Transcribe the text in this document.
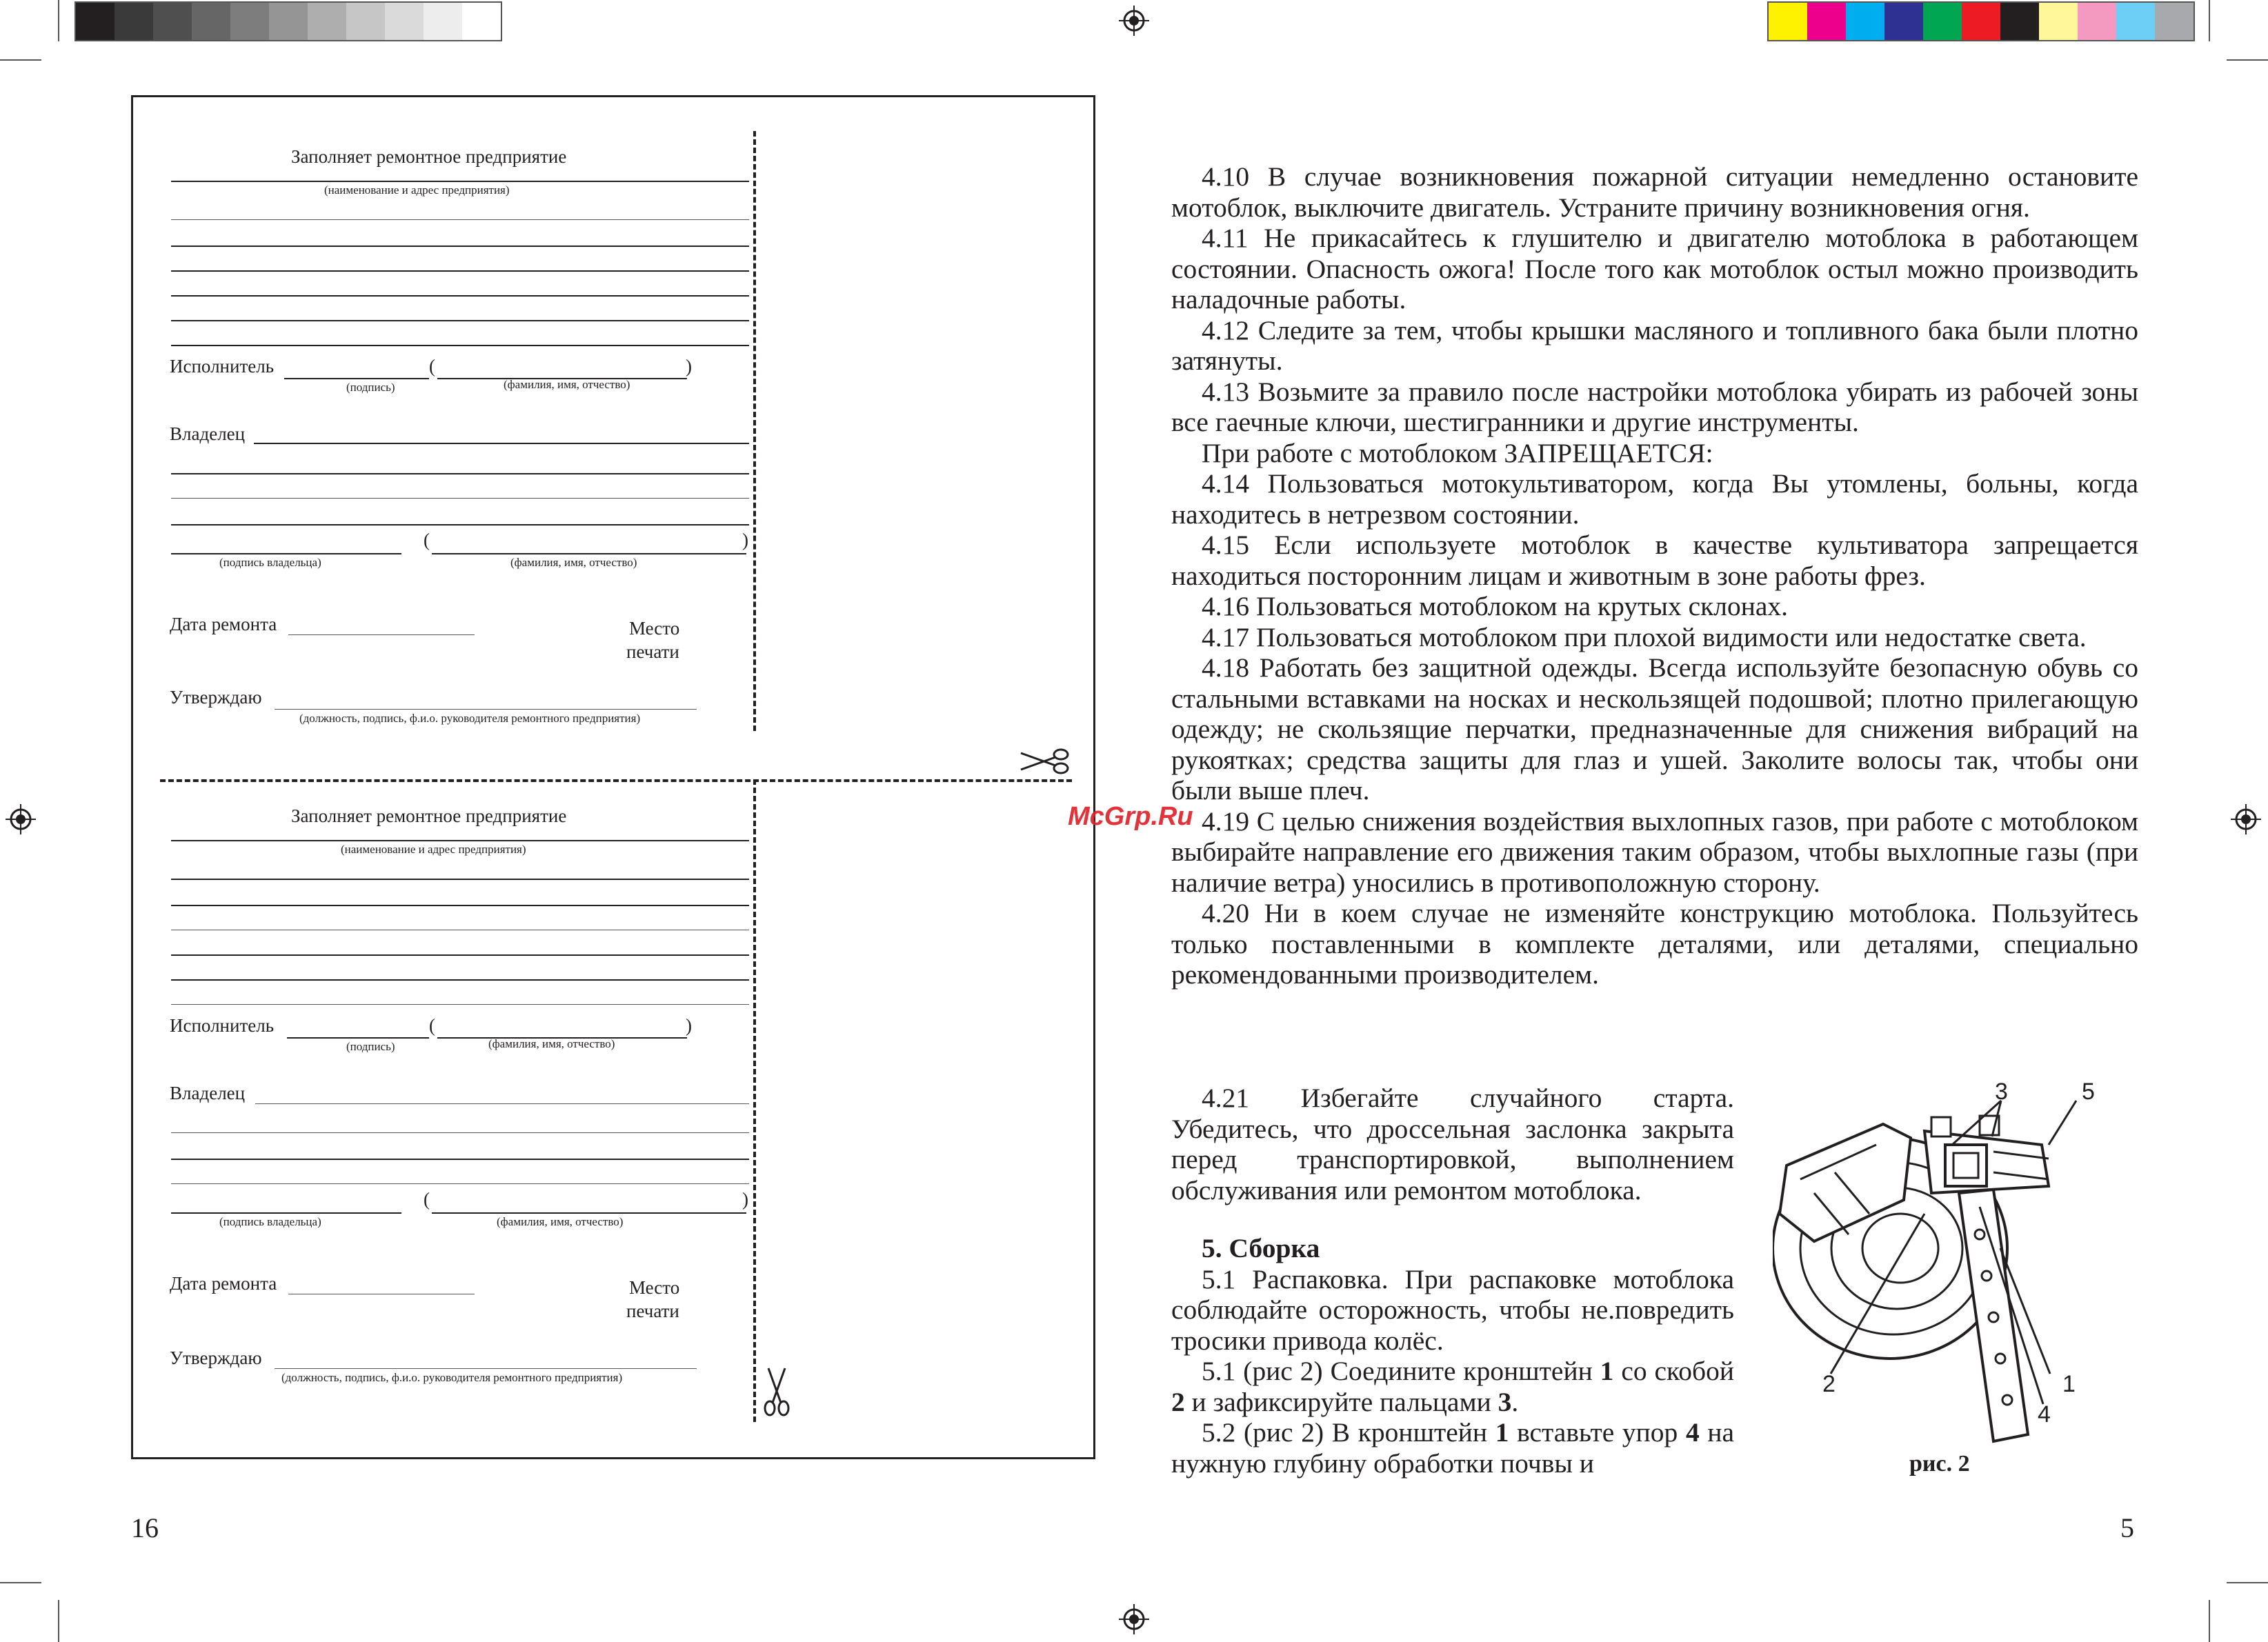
Заполняет ремонтное предприятие
(наименование и адрес предприятия)
Исполнитель	(	)
(подпись)	(фамилия, имя, отчество)
Владелец
(	)
(подпись владельца)	(фамилия, имя, отчество)
Дата ремонта	Место
печати
Утверждаю
(должность, подпись, ф.и.о. руководителя ремонтного предприятия)
Заполняет ремонтное предприятие
(наименование и адрес предприятия)
Исполнитель	(	)
(подпись)	(фамилия, имя, отчество)
Владелец
(	)
(подпись владельца)	(фамилия, имя, отчество)
Дата ремонта	Место
печати
Утверждаю
(должность, подпись, ф.и.о. руководителя ремонтного предприятия)
16

4.10 В случае возникновения пожарной ситуации немедленно остановите мотоблок, выключите двигатель. Устраните причину возникновения огня.

4.11 Не прикасайтесь к глушителю и двигателю мотоблока в работающем состоянии. Опасность ожога! После того как мотоблок остыл можно производить наладочные работы.

4.12 Следите за тем, чтобы крышки масляного и топливного бака были плотно затянуты.

4.13 Возьмите за правило после настройки мотоблока убирать из рабочей зоны все гаечные ключи, шестигранники и другие инструменты.

При работе с мотоблоком ЗАПРЕЩАЕТСЯ:

4.14 Пользоваться мотокультиватором, когда Вы утомлены, больны, когда находитесь в нетрезвом состоянии.

4.15 Если используете мотоблок в качестве культиватора запрещается находиться посторонним лицам и животным в зоне работы фрез.

4.16 Пользоваться мотоблоком на крутых склонах.

4.17 Пользоваться мотоблоком при плохой видимости или недостатке света.

4.18 Работать без защитной одежды. Всегда используйте безопасную обувь со стальными вставками на носках и нескользящей подошвой; плотно прилегающую одежду; не скользящие перчатки, предназначенные для снижения вибраций на рукоятках; средства защиты для глаз и ушей. Заколите волосы так, чтобы они были выше плеч.

4.19 С целью снижения воздействия выхлопных газов, при работе с мотоблоком выбирайте направление его движения таким образом, чтобы выхлопные газы (при наличие ветра) уносились в противоположную сторону.

4.20 Ни в коем случае не изменяйте конструкцию мотоблока. Пользуйтесь только поставленными в комплекте деталями, или деталями, специально рекомендованными производителем.

4.21 Избегайте случайного старта. Убедитесь, что дроссельная заслонка закрыта перед транспортировкой, выполнением обслуживания или ремонтом мотоблока.

5. Сборка

5.1 Распаковка. При распаковке мотоблока соблюдайте осторожность, чтобы не.повредить тросики привода колёс.

5.1 (рис 2) Соедините кронштейн 1 со скобой 2 и зафиксируйте пальцами 3.

5.2 (рис 2) В кронштейн 1 вставьте упор 4 на нужную глубину обработки почвы и

3	5
2	1
4
рис. 2
McGrp.Ru
5
